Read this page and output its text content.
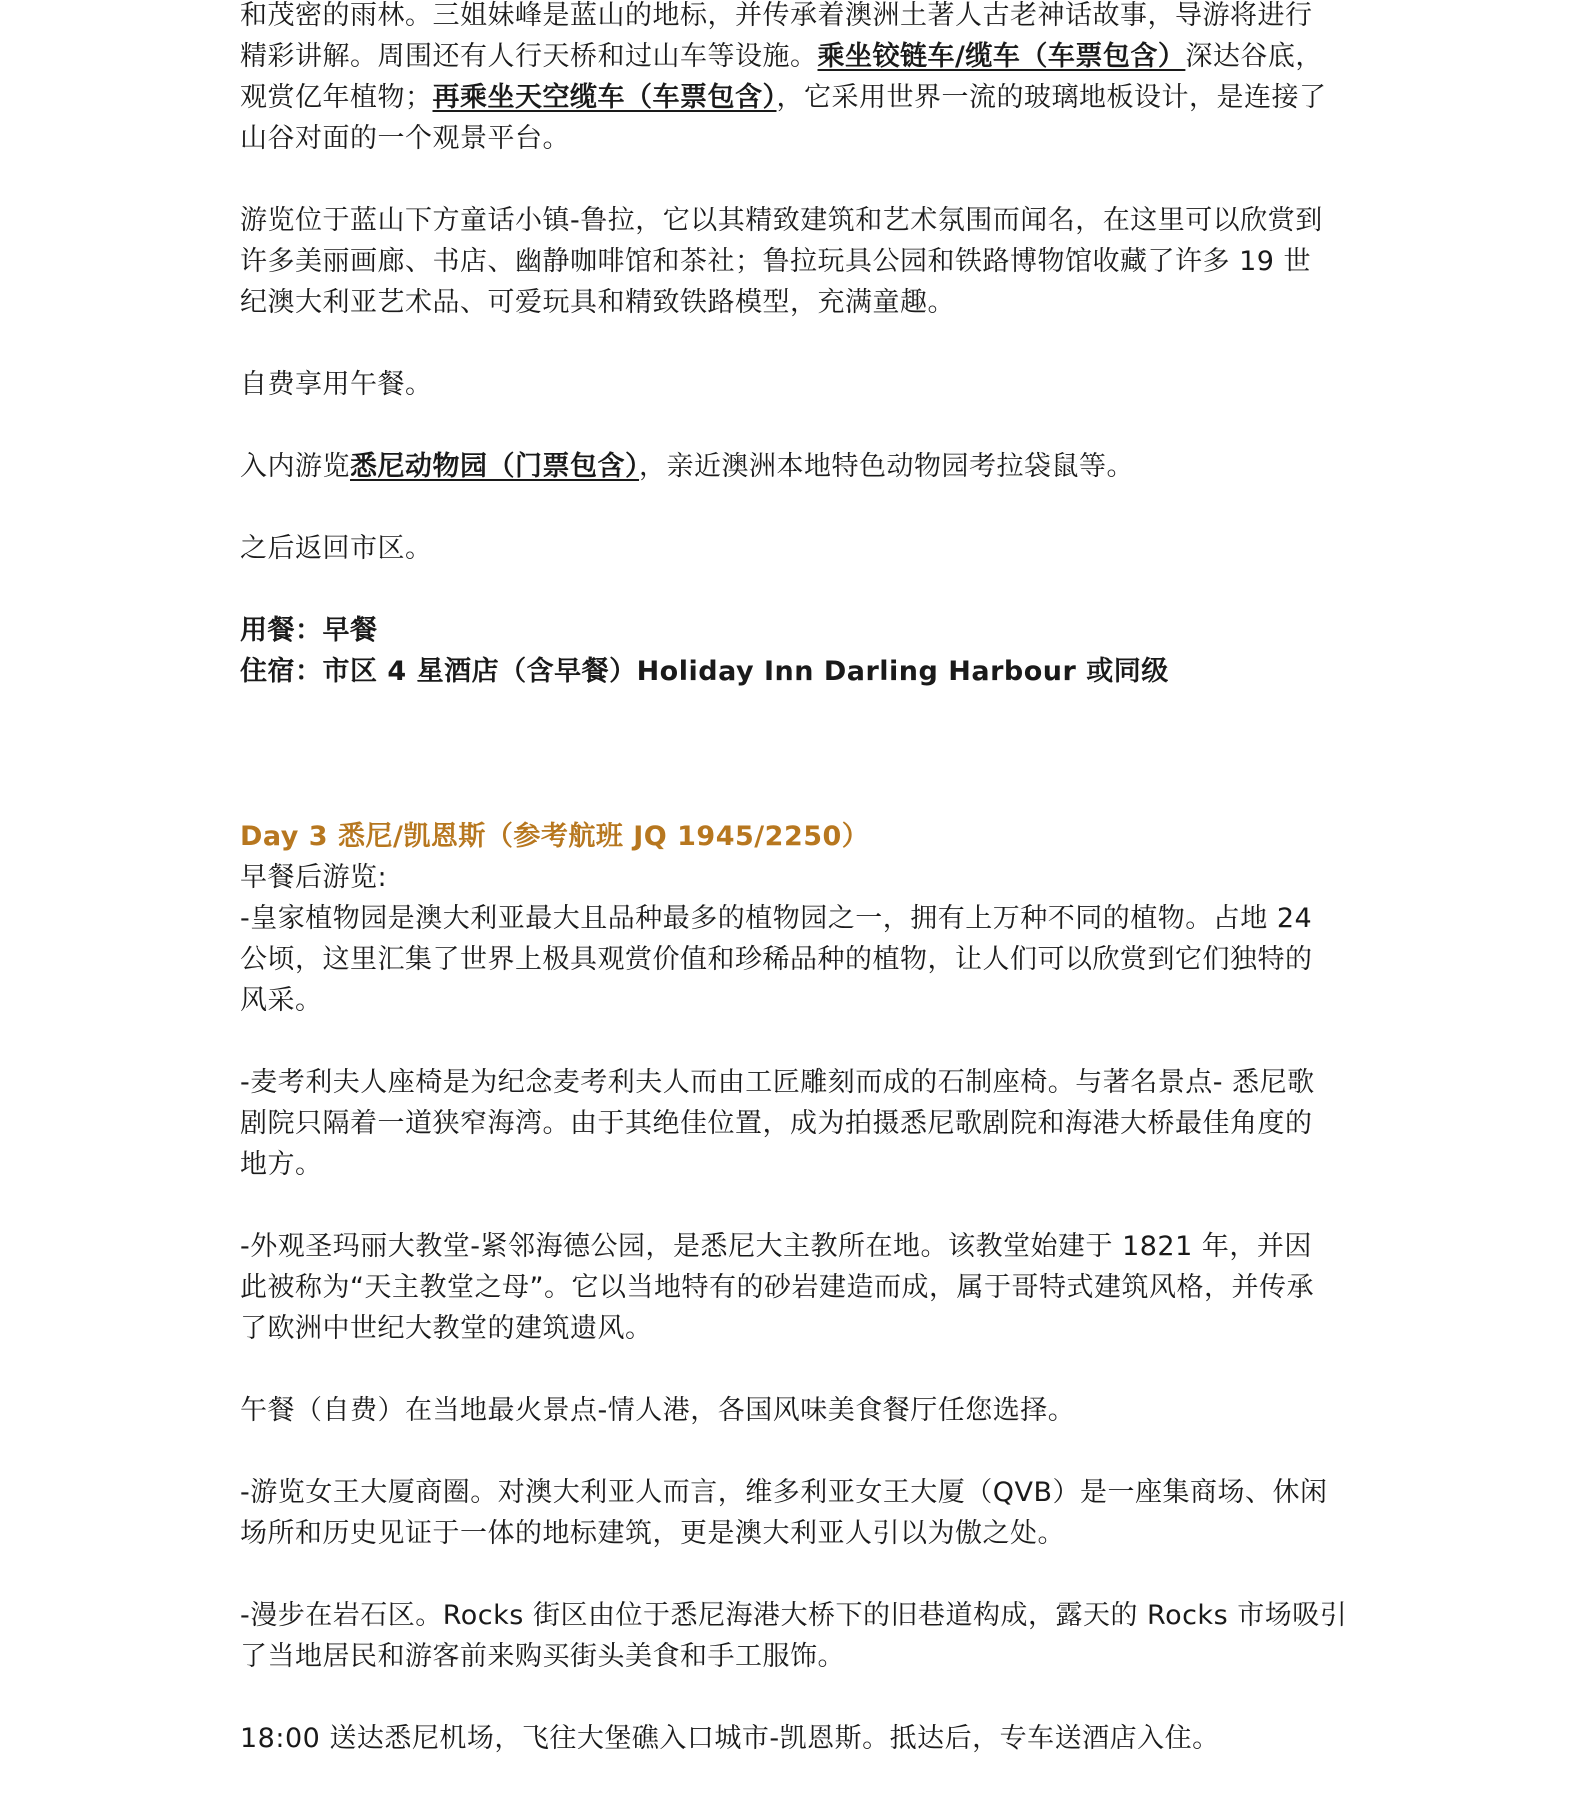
和茂密的雨林。三姐妹峰是蓝山的地标，并传承着澳洲土著人古老神话故事，导游将进行
精彩讲解。周围还有人行天桥和过山车等设施。乘坐铰链车/缆车（车票包含）深达谷底，
观赏亿年植物；再乘坐天空缆车（车票包含），它采用世界一流的玻璃地板设计，是连接了
山谷对面的一个观景平台。
游览位于蓝山下方童话小镇-鲁拉，它以其精致建筑和艺术氛围而闻名，在这里可以欣赏到
许多美丽画廊、书店、幽静咖啡馆和茶社；鲁拉玩具公园和铁路博物馆收藏了许多 19 世
纪澳大利亚艺术品、可爱玩具和精致铁路模型，充满童趣。
自费享用午餐。
入内游览悉尼动物园（门票包含），亲近澳洲本地特色动物园考拉袋鼠等。
之后返回市区。
用餐：早餐
住宿：市区 4 星酒店（含早餐）Holiday Inn Darling Harbour 或同级
Day 3 悉尼/凯恩斯（参考航班 JQ 1945/2250）
早餐后游览:
-皇家植物园是澳大利亚最大且品种最多的植物园之一，拥有上万种不同的植物。占地 24
公顷，这里汇集了世界上极具观赏价值和珍稀品种的植物，让人们可以欣赏到它们独特的
风采。
-麦考利夫人座椅是为纪念麦考利夫人而由工匠雕刻而成的石制座椅。与著名景点- 悉尼歌
剧院只隔着一道狭窄海湾。由于其绝佳位置，成为拍摄悉尼歌剧院和海港大桥最佳角度的
地方。
-外观圣玛丽大教堂-紧邻海德公园，是悉尼大主教所在地。该教堂始建于 1821 年，并因
此被称为“天主教堂之母”。它以当地特有的砂岩建造而成，属于哥特式建筑风格，并传承
了欧洲中世纪大教堂的建筑遗风。
午餐（自费）在当地最火景点-情人港，各国风味美食餐厅任您选择。
-游览女王大厦商圈。对澳大利亚人而言，维多利亚女王大厦（QVB）是一座集商场、休闲
场所和历史见证于一体的地标建筑，更是澳大利亚人引以为傲之处。
-漫步在岩石区。Rocks 街区由位于悉尼海港大桥下的旧巷道构成，露天的 Rocks 市场吸引
了当地居民和游客前来购买街头美食和手工服饰。
18:00 送达悉尼机场，飞往大堡礁入口城市-凯恩斯。抵达后，专车送酒店入住。
